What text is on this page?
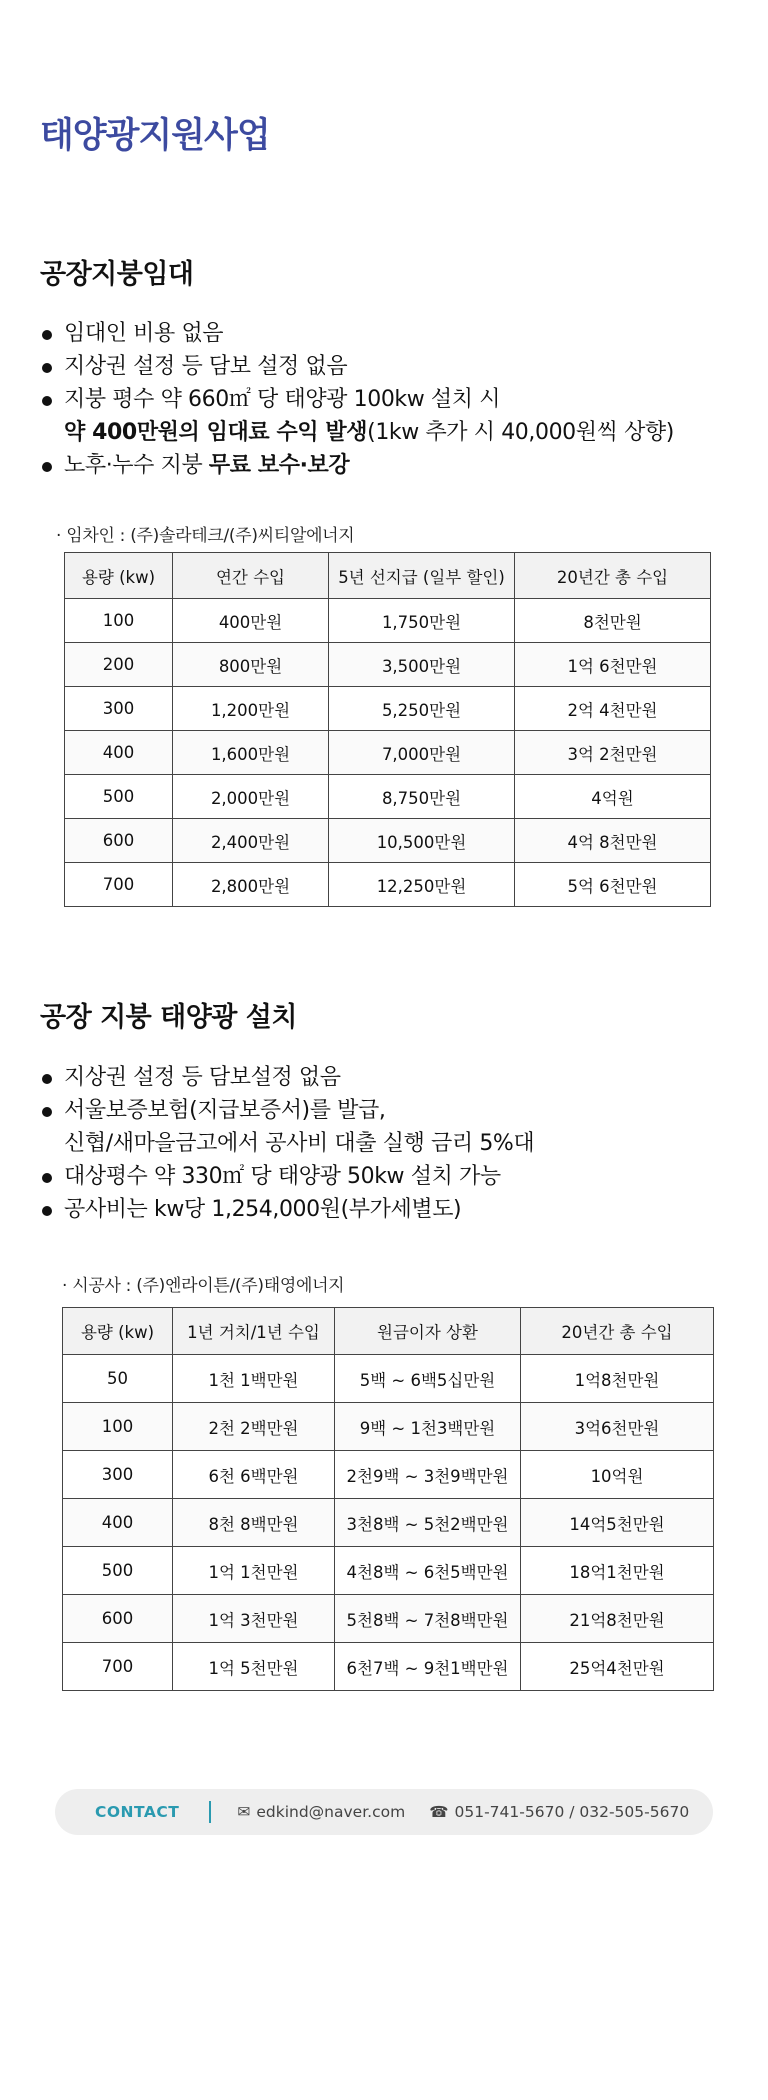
태양광지원사업
공장지붕임대
임대인 비용 없음
지상권 설정 등 담보 설정 없음
지붕 평수 약 660㎡ 당 태양광 100kw 설치 시
약 400만원의 임대료 수익 발생(1kw 추가 시 40,000원씩 상향)
노후·누수 지붕 무료 보수·보강
· 임차인 : (주)솔라테크/(주)씨티알에너지
용량 (kw)	연간 수입	5년 선지급 (일부 할인)	20년간 총 수입
100	400만원	1,750만원	8천만원
200	800만원	3,500만원	1억 6천만원
300	1,200만원	5,250만원	2억 4천만원
400	1,600만원	7,000만원	3억 2천만원
500	2,000만원	8,750만원	4억원
600	2,400만원	10,500만원	4억 8천만원
700	2,800만원	12,250만원	5억 6천만원
공장 지붕 태양광 설치
지상권 설정 등 담보설정 없음
서울보증보험(지급보증서)를 발급,
신협/새마을금고에서 공사비 대출 실행 금리 5%대
대상평수 약 330㎡ 당 태양광 50kw 설치 가능
공사비는 kw당 1,254,000원(부가세별도)
· 시공사 : (주)엔라이튼/(주)태영에너지
용량 (kw)	1년 거치/1년 수입	원금이자 상환	20년간 총 수입
50	1천 1백만원	5백 ~ 6백5십만원	1억8천만원
100	2천 2백만원	9백 ~ 1천3백만원	3억6천만원
300	6천 6백만원	2천9백 ~ 3천9백만원	10억원
400	8천 8백만원	3천8백 ~ 5천2백만원	14억5천만원
500	1억 1천만원	4천8백 ~ 6천5백만원	18억1천만원
600	1억 3천만원	5천8백 ~ 7천8백만원	21억8천만원
700	1억 5천만원	6천7백 ~ 9천1백만원	25억4천만원
CONTACT	✉ edkind@naver.com ☎ 051-741-5670 / 032-505-5670
